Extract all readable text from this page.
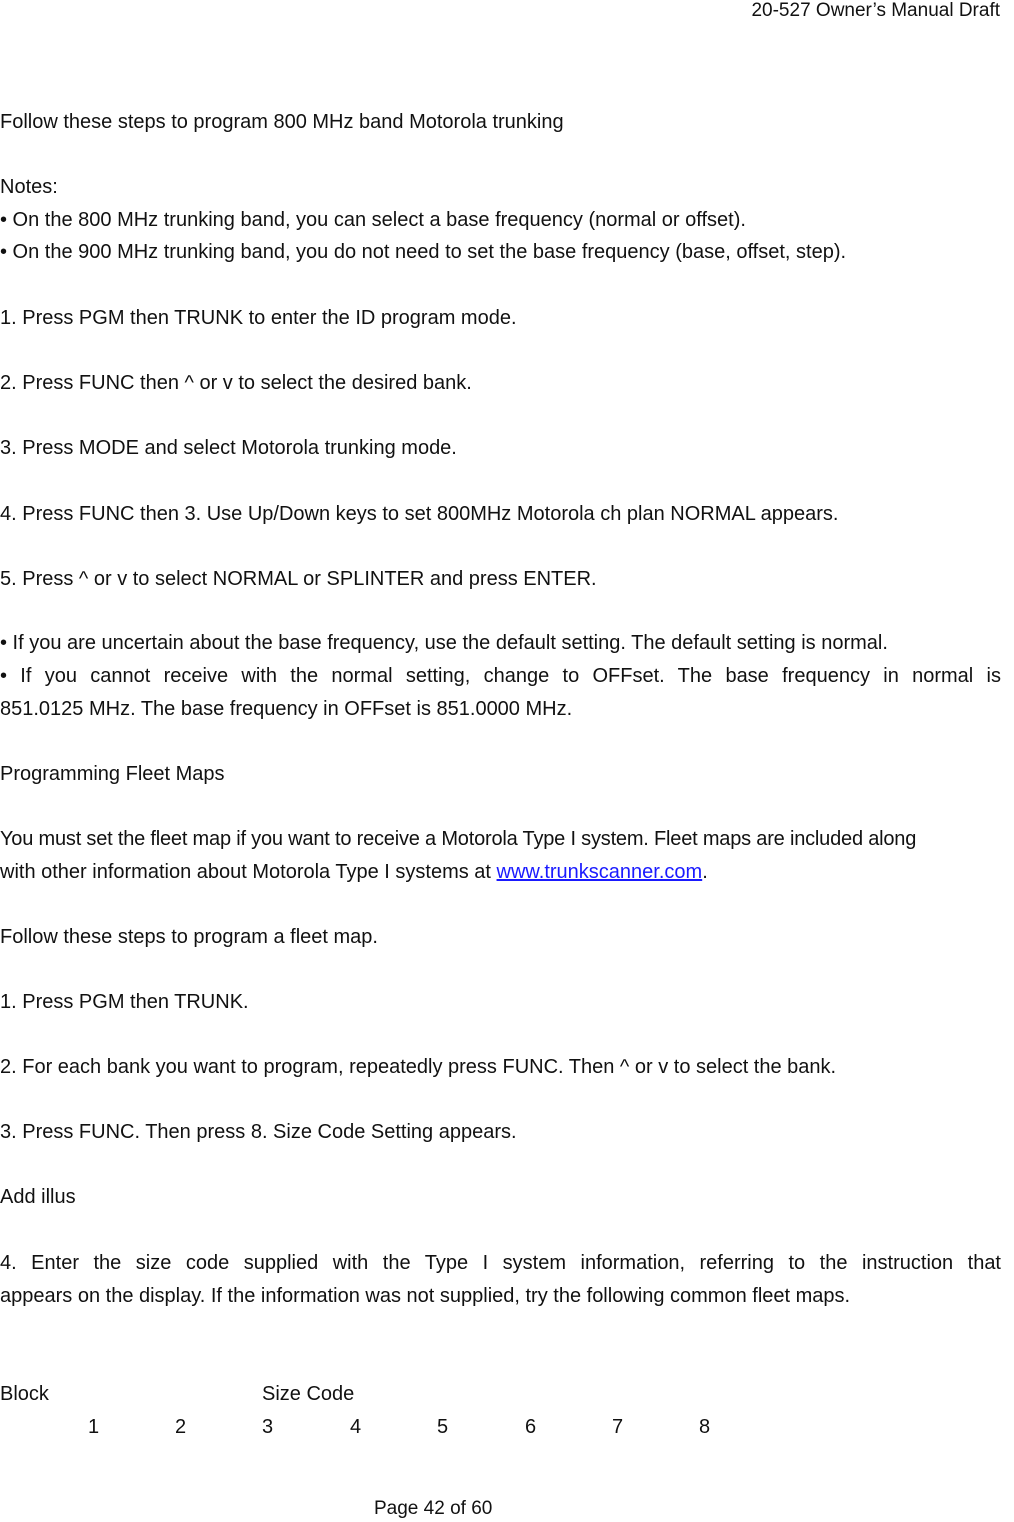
20-527 Owner’s Manual Draft
Follow these steps to program 800 MHz band Motorola trunking
Notes:
• On the 800 MHz trunking band, you can select a base frequency (normal or offset).
• On the 900 MHz trunking band, you do not need to set the base frequency (base, offset, step).
1. Press PGM then TRUNK to enter the ID program mode.
2. Press FUNC then ^ or v to select the desired bank.
3. Press MODE and select Motorola trunking mode.
4. Press FUNC then 3. Use Up/Down keys to set 800MHz Motorola ch plan NORMAL appears.
5. Press ^ or v to select NORMAL or SPLINTER and press ENTER.
• If you are uncertain about the base frequency, use the default setting. The default setting is normal.
• If you cannot receive with the normal setting, change to OFFset. The base frequency in normal is
851.0125 MHz. The base frequency in OFFset is 851.0000 MHz.
Programming Fleet Maps
You must set the fleet map if you want to receive a Motorola Type I system. Fleet maps are included along
with other information about Motorola Type I systems at www.trunkscanner.com.
Follow these steps to program a fleet map.
1. Press PGM then TRUNK.
2. For each bank you want to program, repeatedly press FUNC. Then ^ or v to select the bank.
3. Press FUNC. Then press 8. Size Code Setting appears.
Add illus
4. Enter the size code supplied with the Type I system information, referring to the instruction that
appears on the display. If the information was not supplied, try the following common fleet maps.
Block	Size Code
1	2	3	4	5	6	7	8
Page 42 of 60
